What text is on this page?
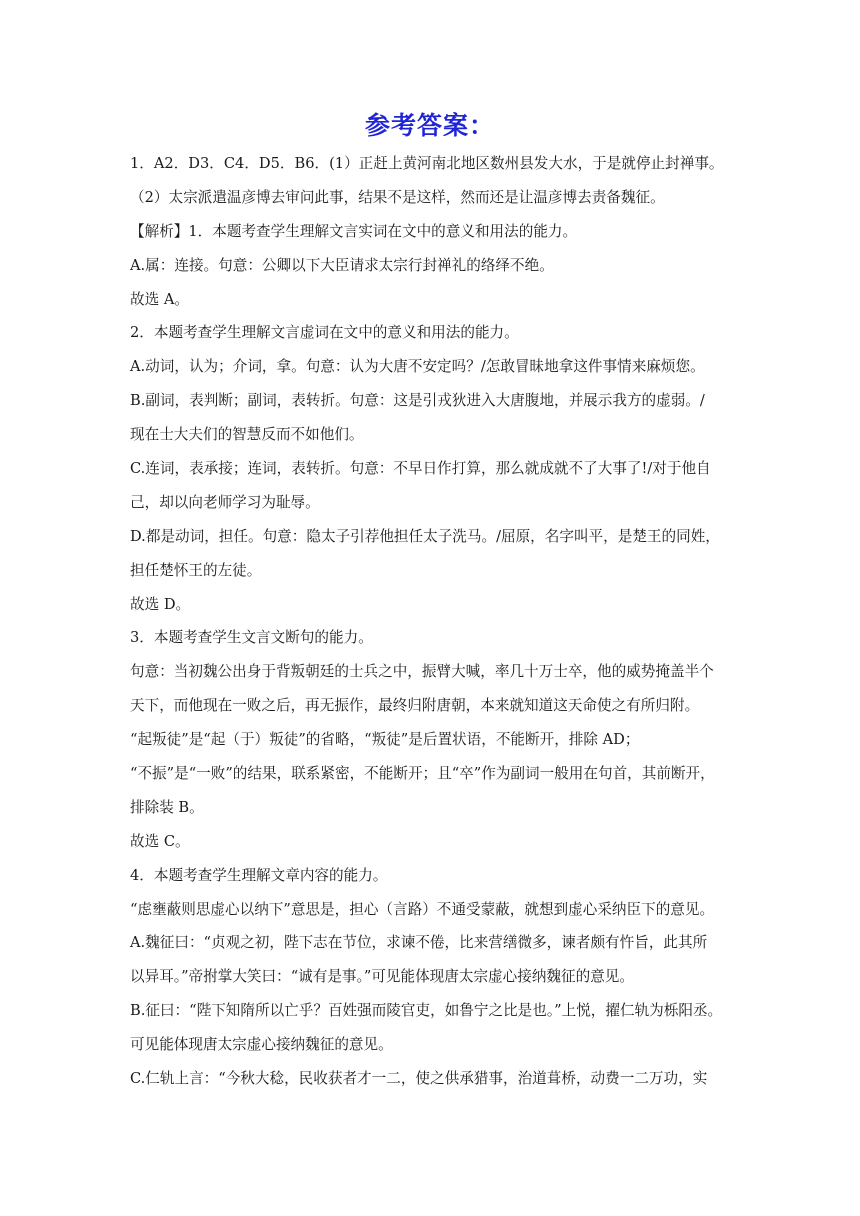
参考答案：
1．A2．D3．C4．D5．B6．(1）正赶上黄河南北地区数州县发大水，于是就停止封禅事。
（2）太宗派遣温彦博去审问此事，结果不是这样，然而还是让温彦博去责备魏征。
【解析】1．本题考查学生理解文言实词在文中的意义和用法的能力。
A.属：连接。句意：公卿以下大臣请求太宗行封禅礼的络绎不绝。
故选 A。
2．本题考查学生理解文言虚词在文中的意义和用法的能力。
A.动词，认为；介词，拿。句意：认为大唐不安定吗？/怎敢冒昧地拿这件事情来麻烦您。
B.副词，表判断；副词，表转折。句意：这是引戎狄进入大唐腹地，并展示我方的虚弱。/
现在士大夫们的智慧反而不如他们。
C.连词，表承接；连词，表转折。句意：不早日作打算，那么就成就不了大事了!/对于他自
己，却以向老师学习为耻辱。
D.都是动词，担任。句意：隐太子引荐他担任太子洗马。/屈原，名字叫平，是楚王的同姓，
担任楚怀王的左徒。
故选 D。
3．本题考查学生文言文断句的能力。
句意：当初魏公出身于背叛朝廷的士兵之中，振臂大喊，率几十万士卒，他的威势掩盖半个
天下，而他现在一败之后，再无振作，最终归附唐朝，本来就知道这天命使之有所归附。
“起叛徒”是“起（于）叛徒”的省略，“叛徒”是后置状语，不能断开，排除 AD；
“不振”是“一败”的结果，联系紧密，不能断开；且“卒”作为副词一般用在句首，其前断开，
排除装 B。
故选 C。
4．本题考查学生理解文章内容的能力。
“虑壅蔽则思虚心以纳下”意思是，担心（言路）不通受蒙蔽，就想到虚心采纳臣下的意见。
A.魏征曰：“贞观之初，陛下志在节位，求谏不倦，比来营缮微多，谏者颇有忤旨，此其所
以异耳。”帝拊掌大笑曰：“诚有是事。”可见能体现唐太宗虚心接纳魏征的意见。
B.征曰：“陛下知隋所以亡乎？百姓强而陵官吏，如鲁宁之比是也。”上悦，擢仁轨为栎阳丞。
可见能体现唐太宗虚心接纳魏征的意见。
C.仁轨上言：“今秋大稔，民收获者才一二，使之供承猎事，治道葺桥，动费一二万功，实
